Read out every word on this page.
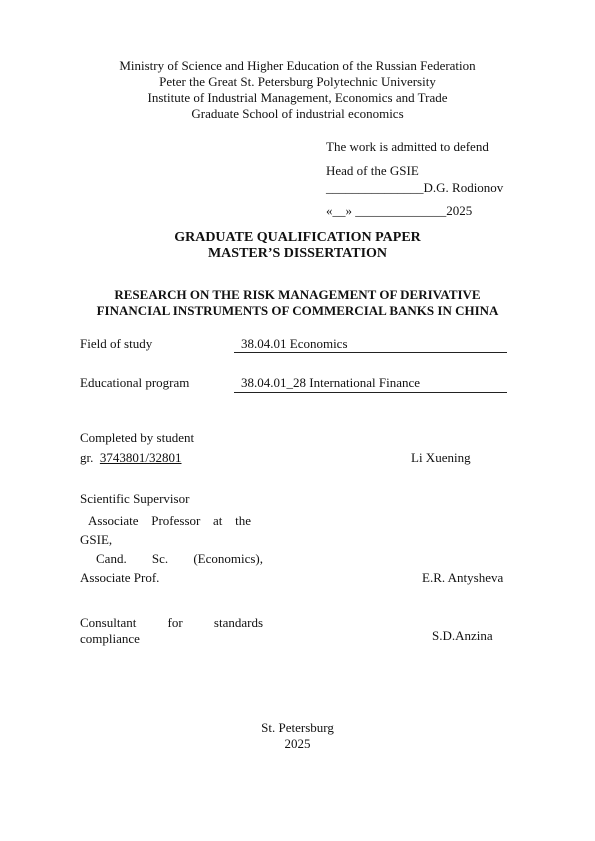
Ministry of Science and Higher Education of the Russian Federation
Peter the Great St. Petersburg Polytechnic University
Institute of Industrial Management, Economics and Trade
Graduate School of industrial economics
The work is admitted to defend
Head of the GSIE
_______________D.G. Rodionov
«__» ______________2025
GRADUATE QUALIFICATION PAPER
MASTER’S DISSERTATION
RESEARCH ON THE RISK MANAGEMENT OF DERIVATIVE
FINANCIAL INSTRUMENTS OF COMMERCIAL BANKS IN CHINA
Field of study	38.04.01 Economics
Educational program	38.04.01_28 International Finance
Completed by student
gr. 3743801/32801	Li Xuening
Scientific Supervisor
Associate Professor at the
GSIE,
Cand. Sc. (Economics),
Associate Prof.	E.R. Antysheva
Consultant for standards
compliance	S.D.Anzina
St. Petersburg
2025
